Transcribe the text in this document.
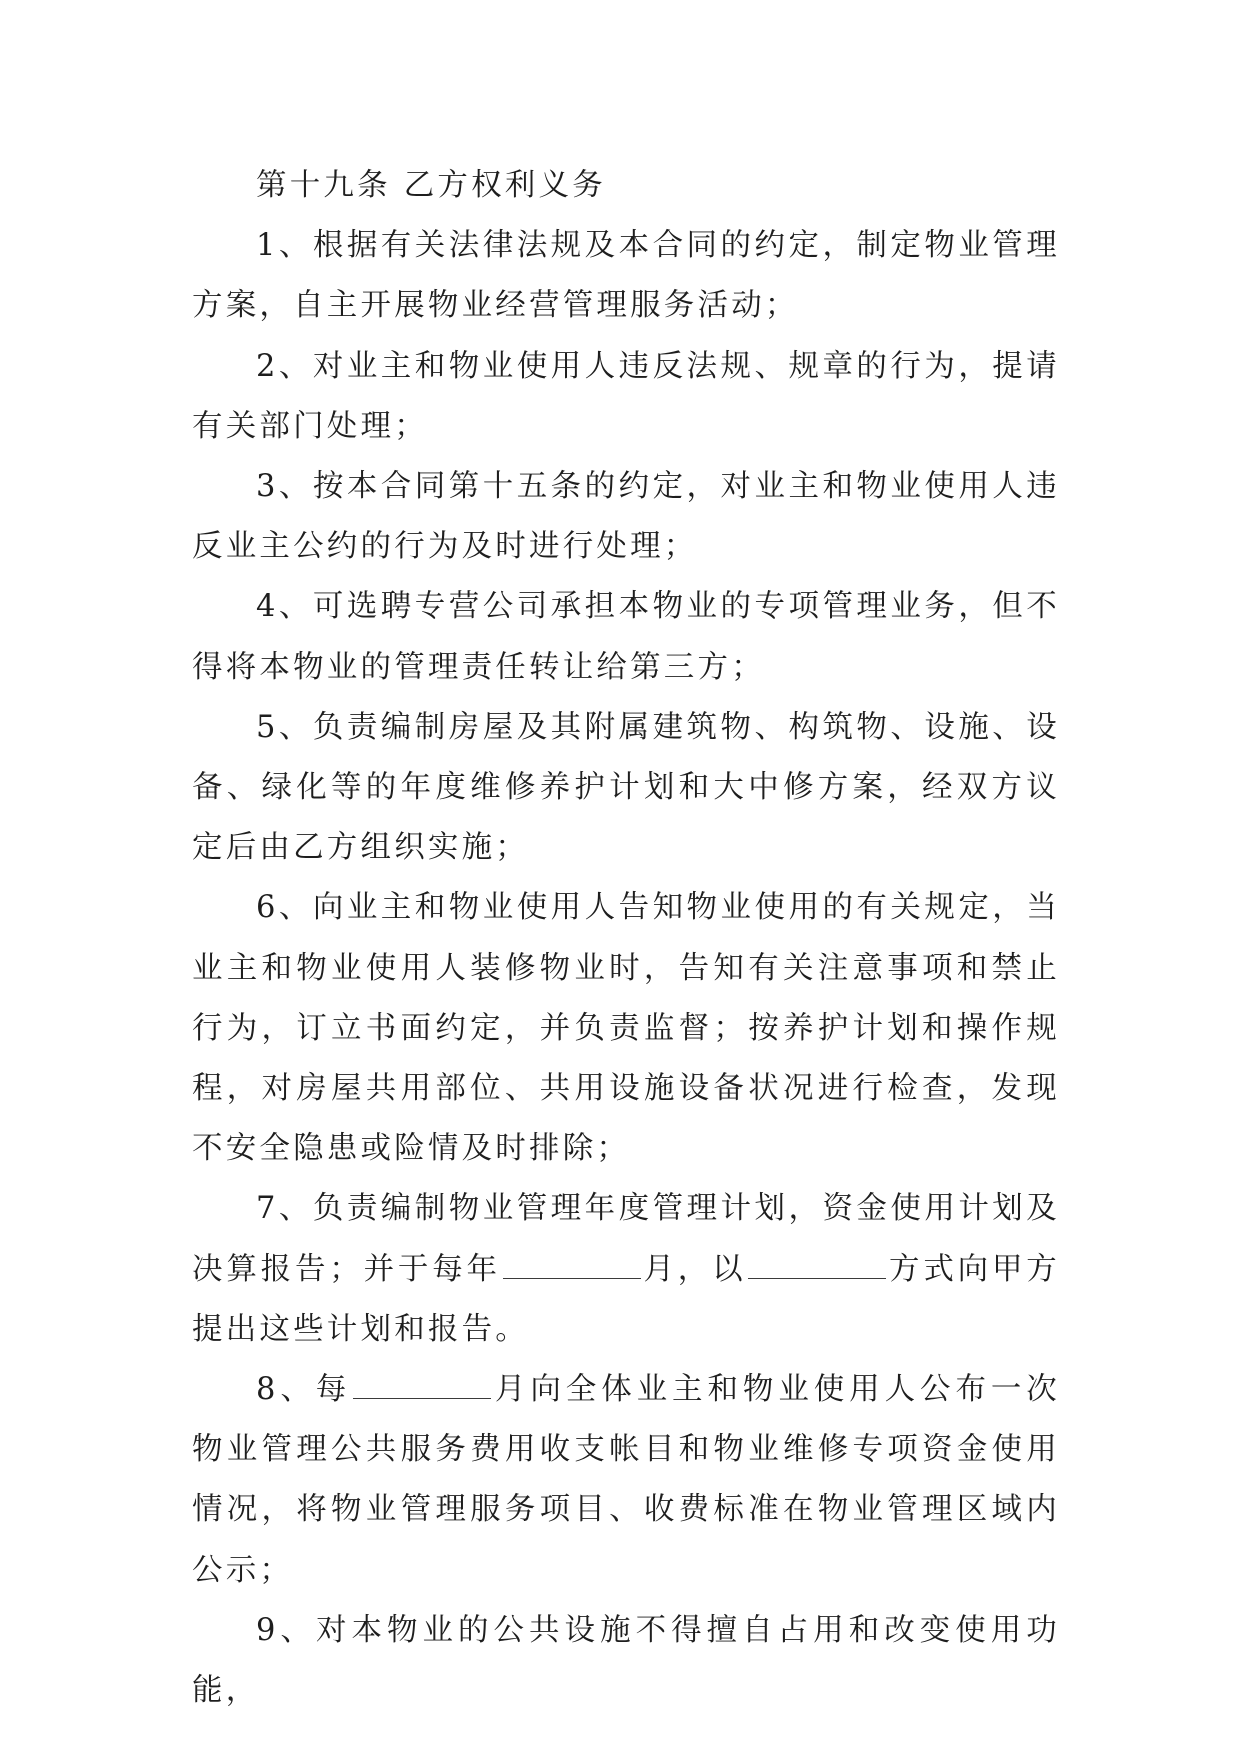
第十九条 乙方权利义务

1、根据有关法律法规及本合同的约定，制定物业管理方案，自主开展物业经营管理服务活动；

2、对业主和物业使用人违反法规、规章的行为，提请有关部门处理；

3、按本合同第十五条的约定，对业主和物业使用人违反业主公约的行为及时进行处理；

4、可选聘专营公司承担本物业的专项管理业务，但不得将本物业的管理责任转让给第三方；

5、负责编制房屋及其附属建筑物、构筑物、设施、设备、绿化等的年度维修养护计划和大中修方案，经双方议定后由乙方组织实施；

6、向业主和物业使用人告知物业使用的有关规定，当业主和物业使用人装修物业时，告知有关注意事项和禁止行为，订立书面约定，并负责监督；按养护计划和操作规程，对房屋共用部位、共用设施设备状况进行检查，发现不安全隐患或险情及时排除；

7、负责编制物业管理年度管理计划，资金使用计划及决算报告；并于每年	月，以	方式向甲方提出这些计划和报告。

8、每	月向全体业主和物业使用人公布一次物业管理公共服务费用收支帐目和物业维修专项资金使用情况，将物业管理服务项目、收费标准在物业管理区域内公示；

9、对本物业的公共设施不得擅自占用和改变使用功能，
